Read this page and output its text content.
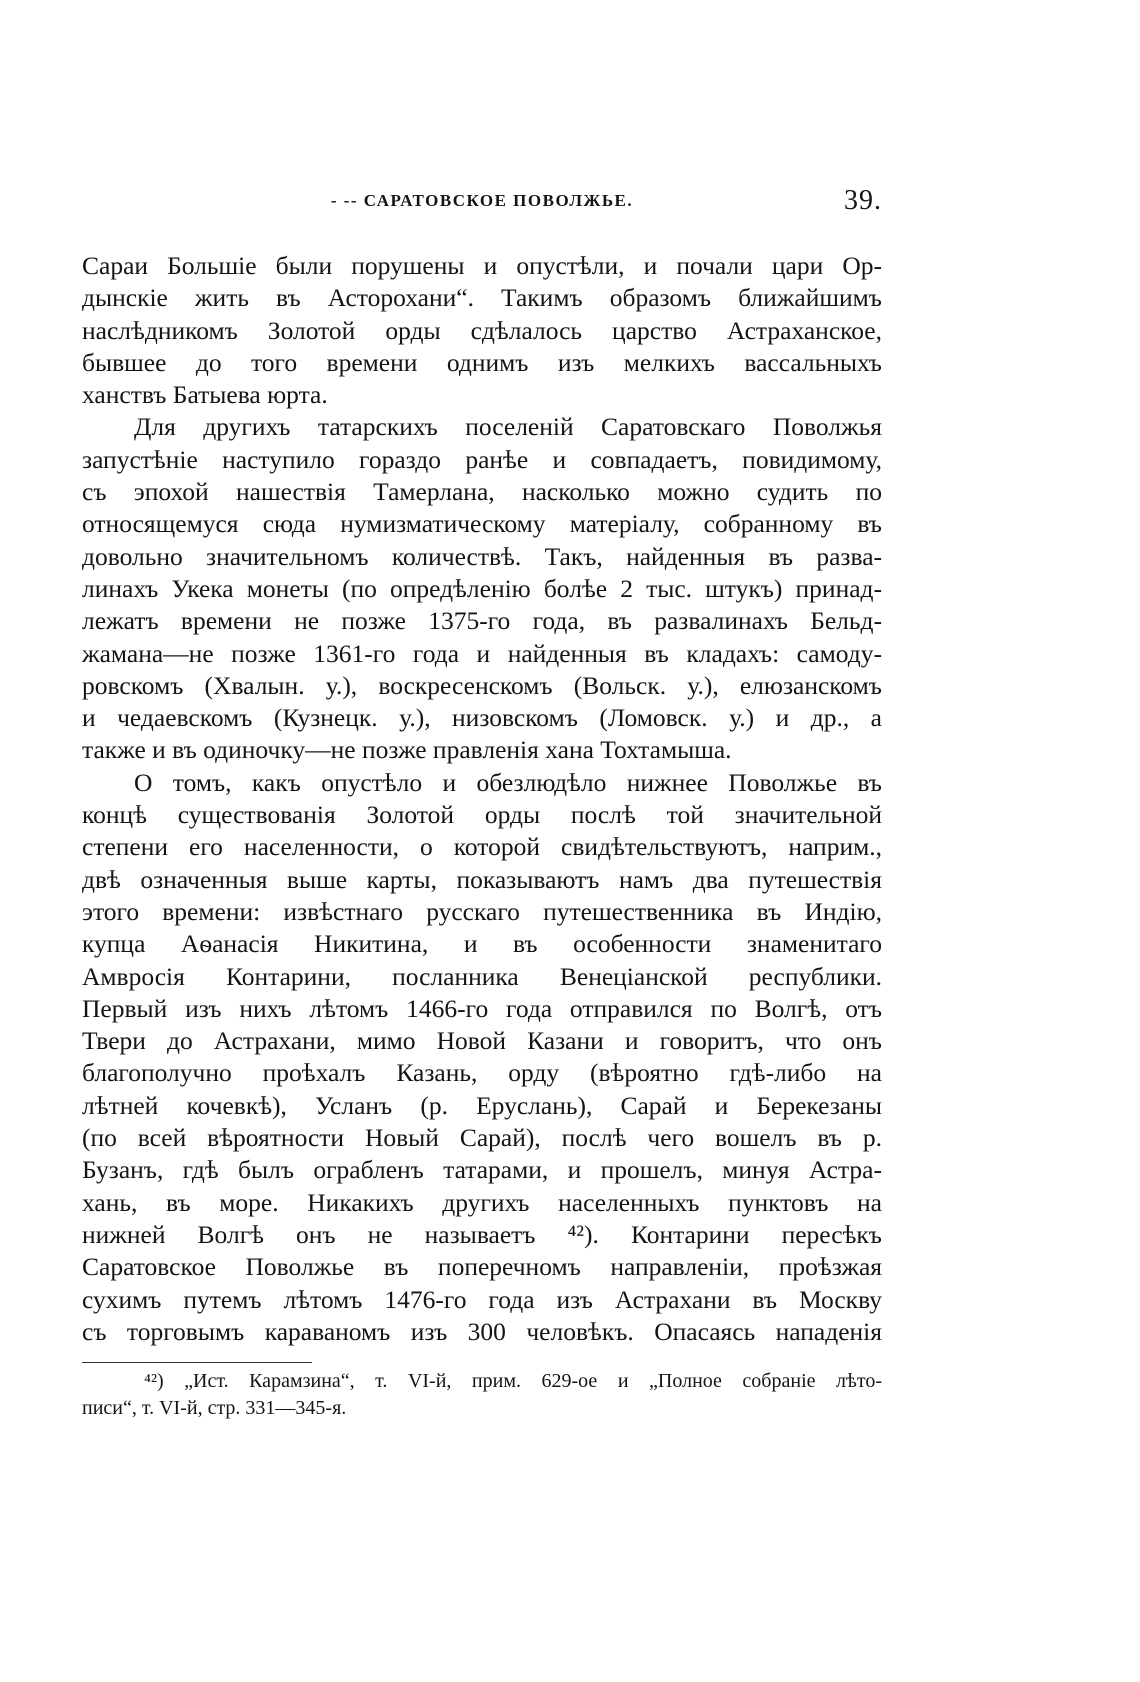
- -- САРАТОВСКОЕ ПОВОЛЖЬЕ.	39.
Сараи Большіе были порушены и опустѣли, и почали цари Ор-
дынскіе жить въ Асторохани“. Такимъ образомъ ближайшимъ
наслѣдникомъ Золотой орды сдѣлалось царство Астраханское,
бывшее до того времени однимъ изъ мелкихъ вассальныхъ
ханствъ Батыева юрта.
Для другихъ татарскихъ поселеній Саратовскаго Поволжья
запустѣніе наступило гораздо ранѣе и совпадаетъ, повидимому,
съ эпохой нашествія Тамерлана, насколько можно судить по
относящемуся сюда нумизматическому матеріалу, собранному въ
довольно значительномъ количествѣ. Такъ, найденныя въ разва-
линахъ Укека монеты (по опредѣленію болѣе 2 тыс. штукъ) принад-
лежатъ времени не позже 1375-го года, въ развалинахъ Бельд-
жамана—не позже 1361-го года и найденныя въ кладахъ: самоду-
ровскомъ (Хвалын. у.), воскресенскомъ (Вольск. у.), елюзанскомъ
и чедаевскомъ (Кузнецк. у.), низовскомъ (Ломовск. у.) и др., а
также и въ одиночку—не позже правленія хана Тохтамыша.
О томъ, какъ опустѣло и обезлюдѣло нижнее Поволжье въ
концѣ существованія Золотой орды послѣ той значительной
степени его населенности, о которой свидѣтельствуютъ, наприм.,
двѣ означенныя выше карты, показываютъ намъ два путешествія
этого времени: извѣстнаго русскаго путешественника въ Индію,
купца Аѳанасія Никитина, и въ особенности знаменитаго
Амвросія Контарини, посланника Венеціанской республики.
Первый изъ нихъ лѣтомъ 1466-го года отправился по Волгѣ, отъ
Твери до Астрахани, мимо Новой Казани и говоритъ, что онъ
благополучно проѣхалъ Казань, орду (вѣроятно гдѣ-либо на
лѣтней кочевкѣ), Усланъ (р. Еруслань), Сарай и Берекезаны
(по всей вѣроятности Новый Сарай), послѣ чего вошелъ въ р.
Бузанъ, гдѣ былъ ограбленъ татарами, и прошелъ, минуя Астра-
хань, въ море. Никакихъ другихъ населенныхъ пунктовъ на
нижней Волгѣ онъ не называетъ ⁴²). Контарини пересѣкъ
Саратовское Поволжье въ поперечномъ направленіи, проѣзжая
сухимъ путемъ лѣтомъ 1476-го года изъ Астрахани въ Москву
съ торговымъ караваномъ изъ 300 человѣкъ. Опасаясь нападенія
⁴²) „Ист. Карамзина“, т. VI-й, прим. 629-ое и „Полное собраніе лѣто-
писи“, т. VI-й, стр. 331—345-я.
